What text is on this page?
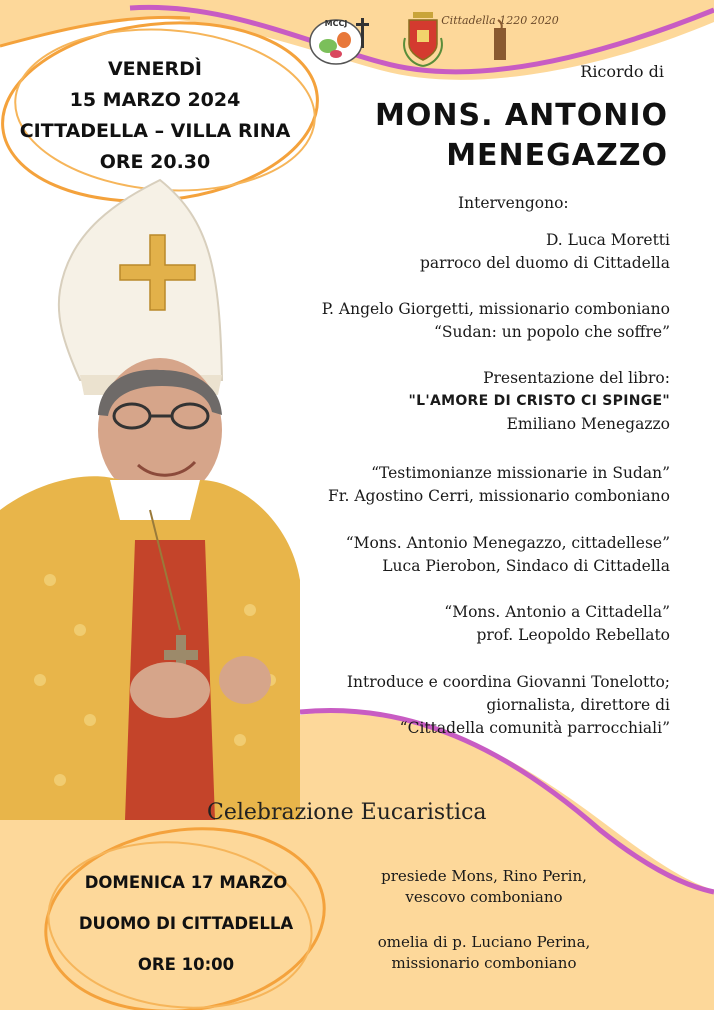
MCCJ	Cittadella 1220 2020
VENERDÌ
15 MARZO 2024
CITTADELLA – VILLA RINA
ORE 20.30
Ricordo di
MONS. ANTONIO
MENEGAZZO
Intervengono:
D. Luca Moretti
parroco del duomo di Cittadella
P. Angelo Giorgetti, missionario comboniano
“Sudan: un popolo che soffre”
Presentazione del libro:
"L'AMORE DI CRISTO CI SPINGE"
Emiliano Menegazzo
“Testimonianze missionarie in Sudan”
Fr. Agostino Cerri, missionario comboniano
“Mons. Antonio Menegazzo, cittadellese”
Luca Pierobon, Sindaco di Cittadella
“Mons. Antonio a Cittadella”
prof. Leopoldo Rebellato
Introduce e coordina Giovanni Tonelotto;
giornalista, direttore di
“Cittadella comunità parrocchiali”
Celebrazione Eucaristica
DOMENICA 17 MARZO
DUOMO DI CITTADELLA
ORE 10:00
presiede Mons, Rino Perin,
vescovo comboniano
omelia di p. Luciano Perina,
missionario comboniano
